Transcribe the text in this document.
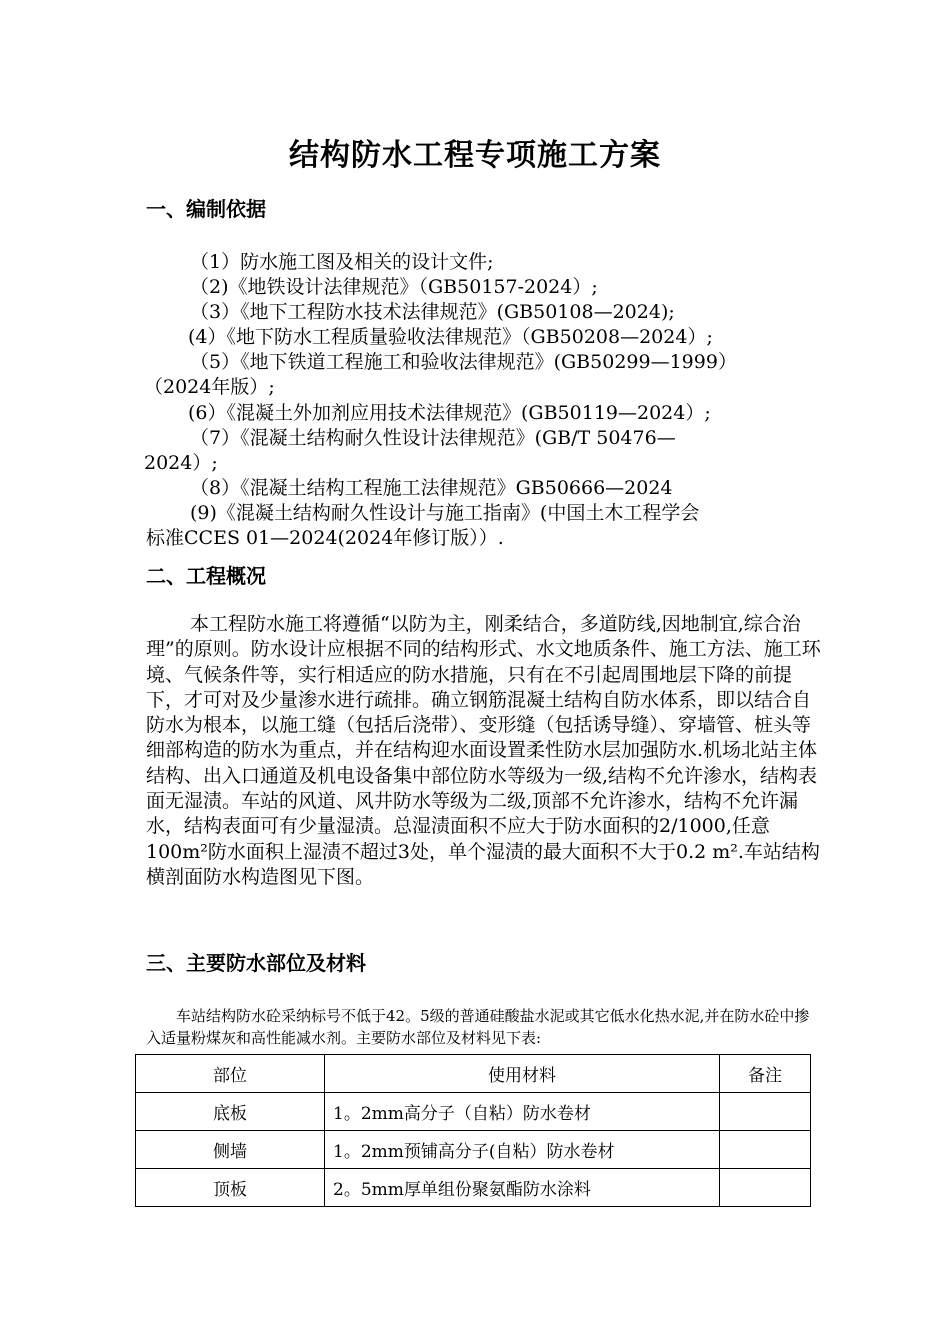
结构防水工程专项施工方案
一、编制依据
（1）防水施工图及相关的设计文件;
（2)《地铁设计法律规范》（GB50157-2024）;
（3）《地下工程防水技术法律规范》(GB50108—2024);
(4）《地下防水工程质量验收法律规范》（GB50208—2024）;
（5）《地下铁道工程施工和验收法律规范》(GB50299—1999）
（2024年版）;
(6）《混凝土外加剂应用技术法律规范》(GB50119—2024）;
（7）《混凝土结构耐久性设计法律规范》(GB/T 50476—
2024）;
（8）《混凝土结构工程施工法律规范》GB50666—2024
(9)《混凝土结构耐久性设计与施工指南》(中国土木工程学会
标准CCES 01—2024(2024年修订版））.
二、工程概况

本工程防水施工将遵循“以防为主，刚柔结合，多道防线,因地制宜,综合治理”的原则。防水设计应根据不同的结构形式、水文地质条件、施工方法、施工环境、气候条件等，实行相适应的防水措施，只有在不引起周围地层下降的前提下，才可对及少量渗水进行疏排。确立钢筋混凝土结构自防水体系，即以结合自防水为根本，以施工缝（包括后浇带）、变形缝（包括诱导缝）、穿墙管、桩头等细部构造的防水为重点，并在结构迎水面设置柔性防水层加强防水.机场北站主体结构、出入口通道及机电设备集中部位防水等级为一级,结构不允许渗水，结构表面无湿渍。车站的风道、风井防水等级为二级,顶部不允许渗水，结构不允许漏水，结构表面可有少量湿渍。总湿渍面积不应大于防水面积的2/1000,任意100m²防水面积上湿渍不超过3处，单个湿渍的最大面积不大于0.2 m².车站结构横剖面防水构造图见下图。

三、主要防水部位及材料
车站结构防水砼采纳标号不低于42。5级的普通硅酸盐水泥或其它低水化热水泥,并在防水砼中掺入适量粉煤灰和高性能减水剂。主要防水部位及材料见下表:
部位	使用材料	备注
底板	1。2mm高分子（自粘）防水卷材	
侧墙	1。2mm预铺高分子(自粘）防水卷材	
顶板	2。5mm厚单组份聚氨酯防水涂料	
